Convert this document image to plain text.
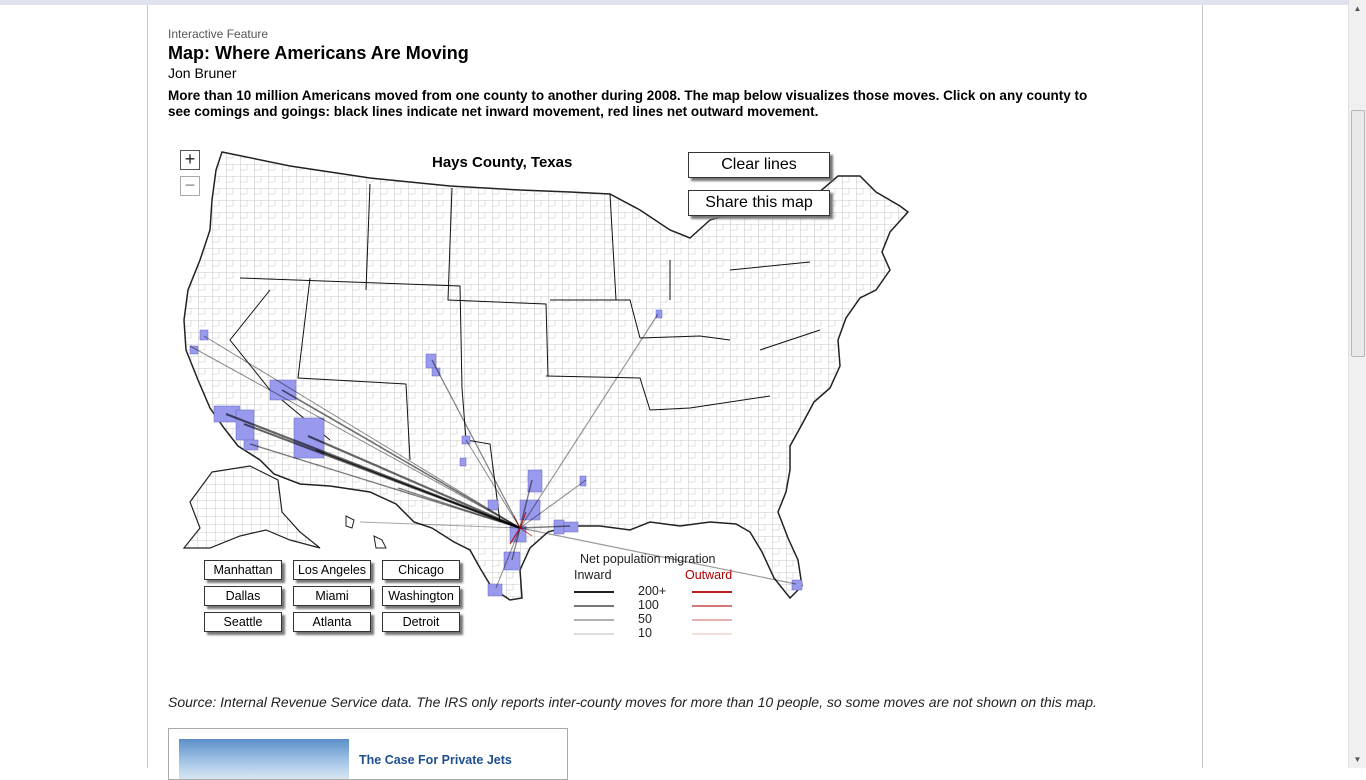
▲
▼
Interactive Feature
Map: Where Americans Are Moving
Jon Bruner
More than 10 million Americans moved from one county to another during 2008. The map below visualizes those moves. Click on any county to see comings and goings: black lines indicate net inward movement, red lines net outward movement.
+
−
Hays County, Texas	Clear lines
Share this map
Manhattan	Los Angeles	Chicago
Dallas	Miami	Washington
Seattle	Atlanta	Detroit
Net population migration
Inward	Outward
200+
100
50
10
Source: Internal Revenue Service data. The IRS only reports inter-county moves for more than 10 people, so some moves are not shown on this map.
The Case For Private Jets
